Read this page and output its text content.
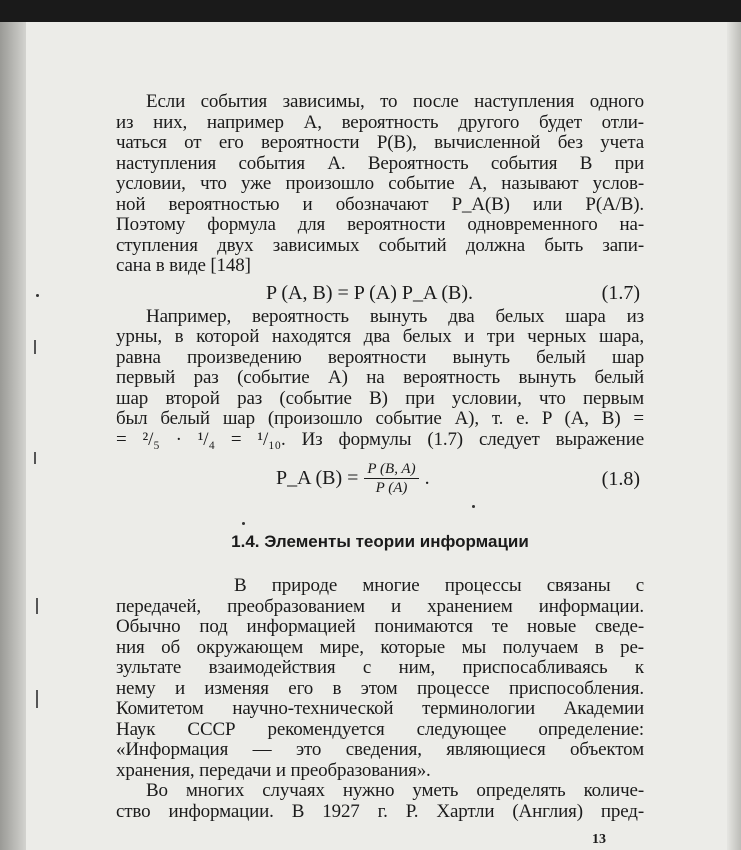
Если события зависимы, то после наступления одного
из них, например A, вероятность другого будет отли-
чаться от его вероятности P(B), вычисленной без учета
наступления события A. Вероятность события B при
условии, что уже произошло событие A, называют услов-
ной вероятностью и обозначают P_A(B) или P(A/B).
Поэтому формула для вероятности одновременного на-
ступления двух зависимых событий должна быть запи-
сана в виде [148]
P (A, B) = P (A) P_A (B).	(1.7)
Например, вероятность вынуть два белых шара из
урны, в которой находятся два белых и три черных шара,
равна произведению вероятности вынуть белый шар
первый раз (событие A) на вероятность вынуть белый
шар второй раз (событие B) при условии, что первым
был белый шар (произошло событие A), т. е. P (A, B) =
= ²/₅ · ¹/₄ = ¹/₁₀. Из формулы (1.7) следует выражение
P_A $(B) = \frac{P (B, A)}{P (A)}$ .	(1.8)
1.4. Элементы теории информации
В природе многие процессы связаны с
передачей, преобразованием и хранением информации.
Обычно под информацией понимаются те новые сведе-
ния об окружающем мире, которые мы получаем в ре-
зультате взаимодействия с ним, приспосабливаясь к
нему и изменяя его в этом процессе приспособления.
Комитетом научно-технической терминологии Академии
Наук СССР рекомендуется следующее определение:
«Информация — это сведения, являющиеся объектом
хранения, передачи и преобразования».
Во многих случаях нужно уметь определять количе-
ство информации. В 1927 г. Р. Хартли (Англия) пред-
13
